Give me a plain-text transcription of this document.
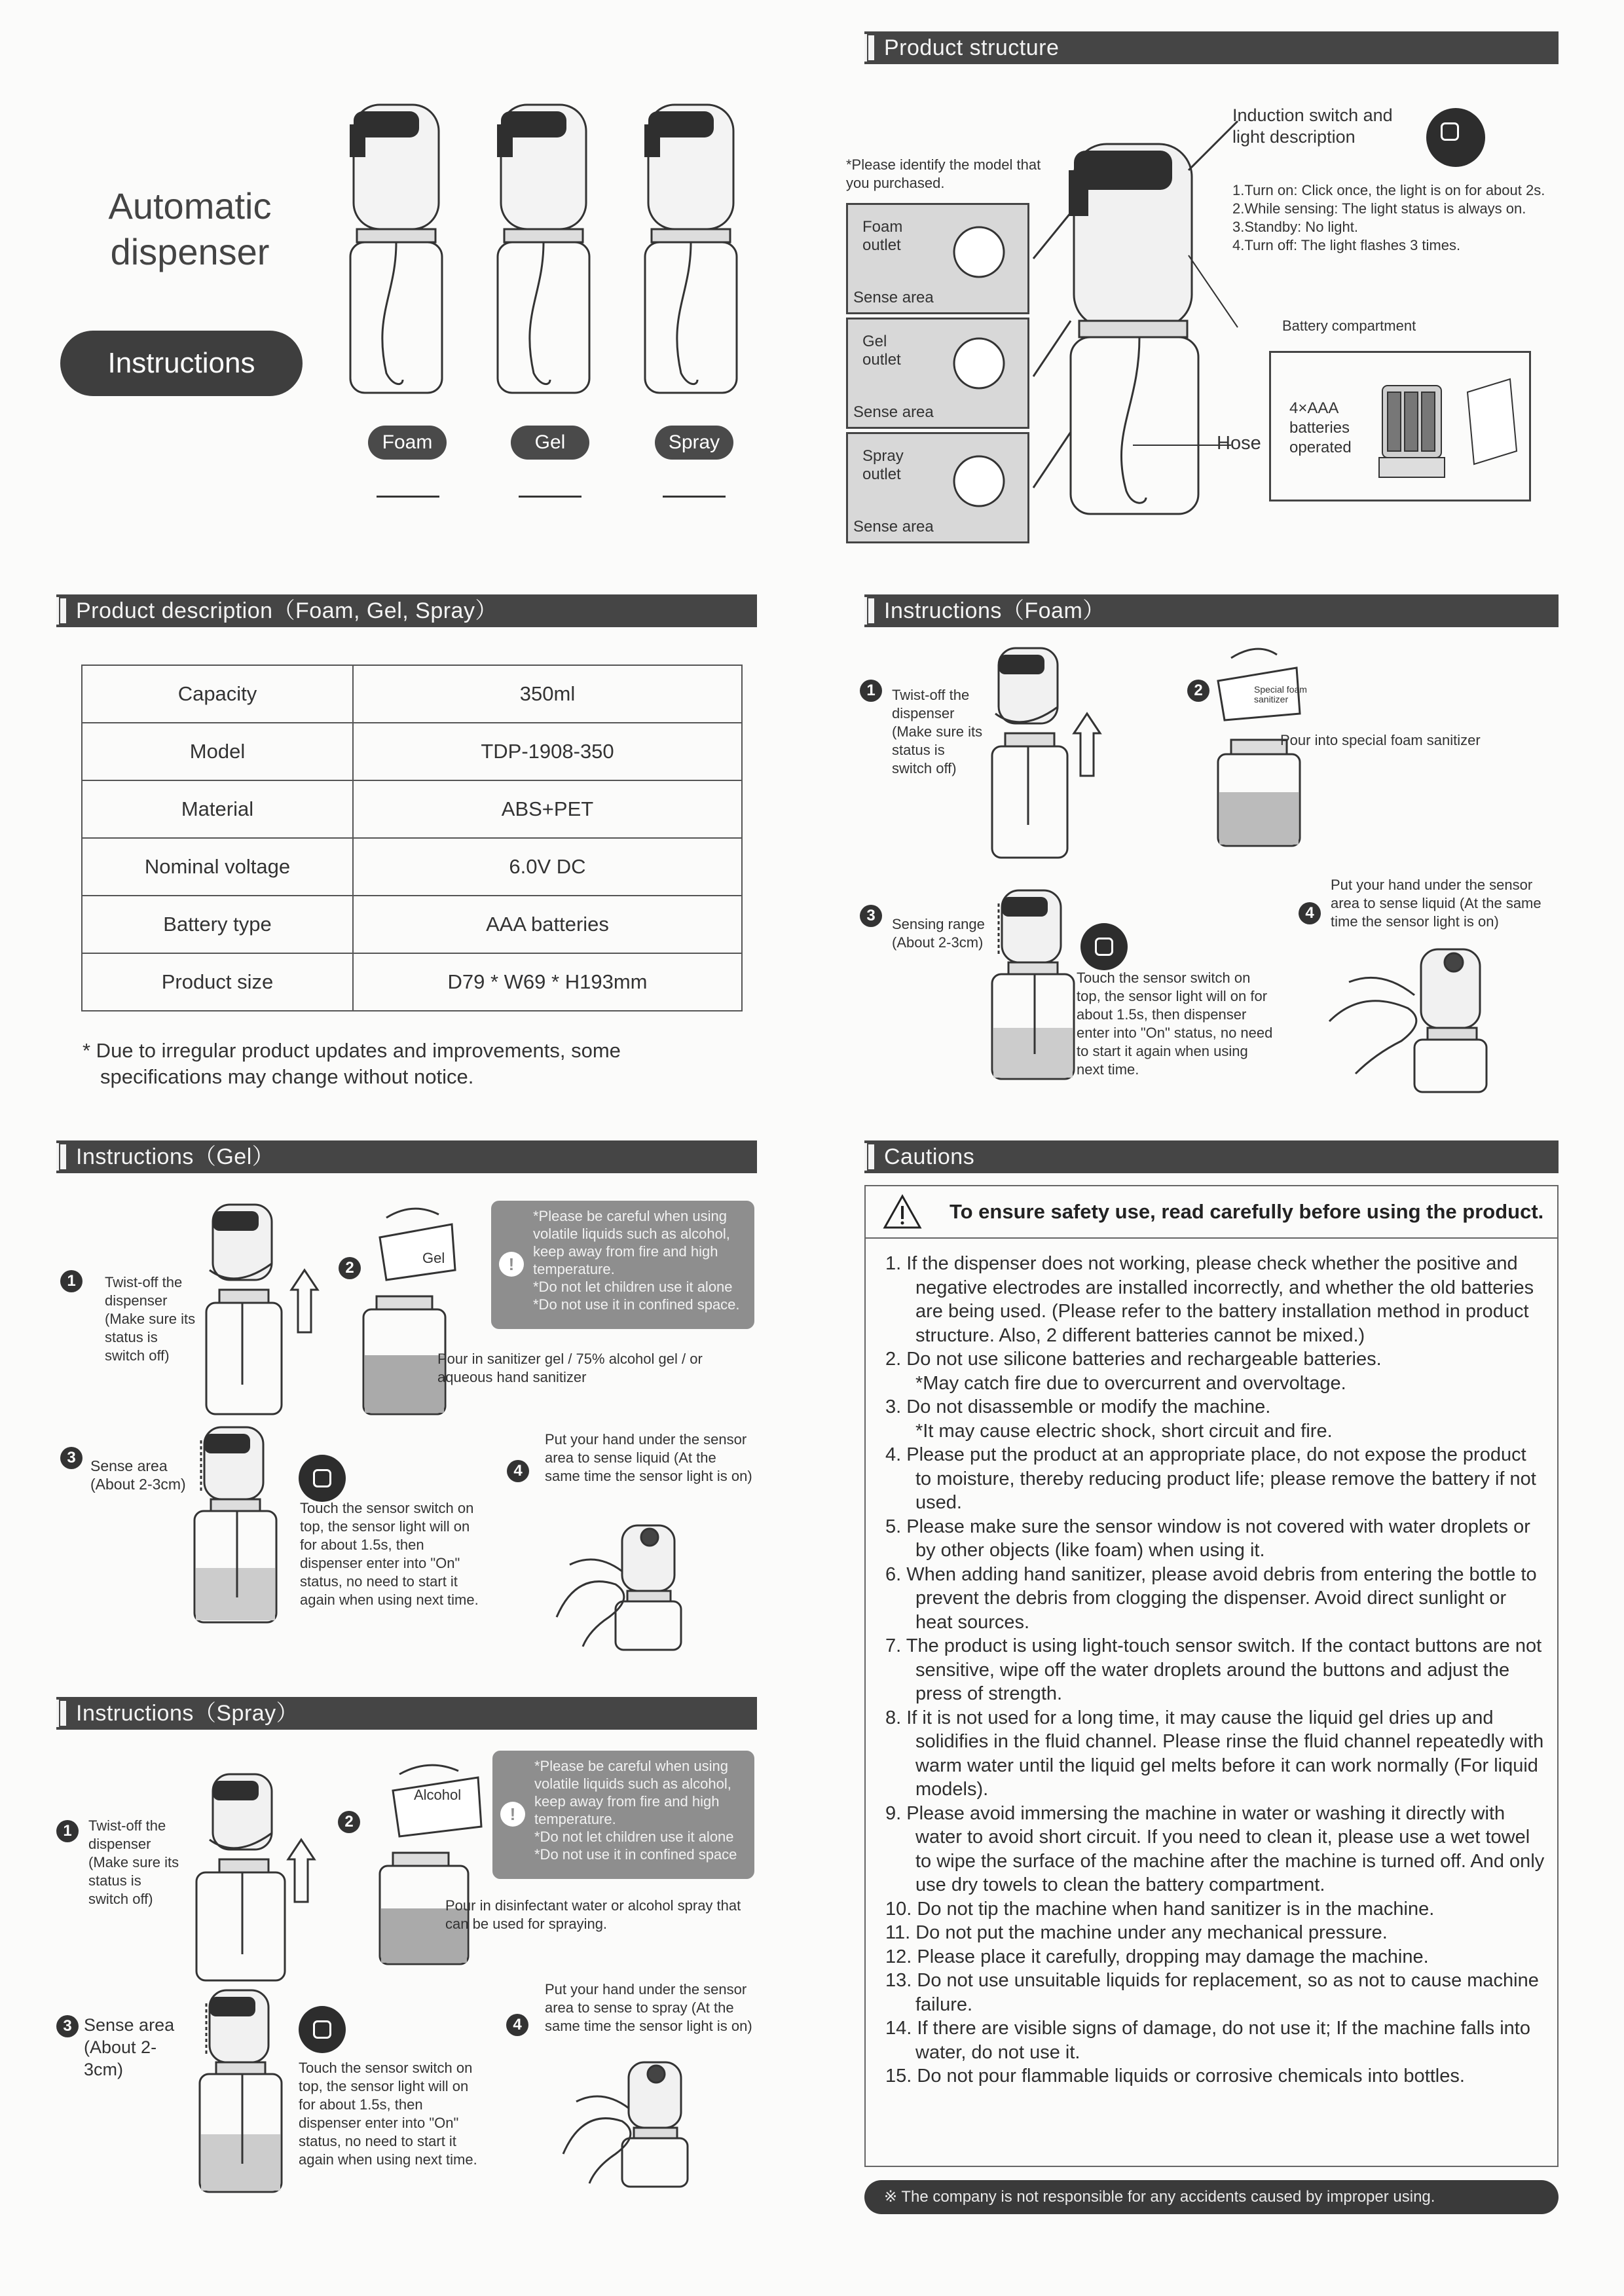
Automatic
dispenser
Instructions
Foam	Gel	Spray
Product structure
*Please identify the model that you purchased.
Foam outlet
Sense area
Gel outlet
Sense area
Spray outlet
Sense area
Induction switch and light description
1.Turn on: Click once, the light is on for about 2s.
2.While sensing: The light status is always on.
3.Standby: No light.
4.Turn off: The light flashes 3 times.
Battery compartment
4×AAA batteries operated
Hose
Product description（Foam, Gel, Spray）
Capacity	350ml
Model	TDP-1908-350
Material	ABS+PET
Nominal voltage	6.0V DC
Battery type	AAA batteries
Product size	D79 * W69 * H193mm
* Due to irregular product updates and improvements, some
specifications may change without notice.
Instructions（Foam）
1	Twist-off the dispenser (Make sure its status is switch off)
2	Special foam sanitizer
Pour into special foam sanitizer
3	Sensing range (About 2-3cm)
Touch the sensor switch on top, the sensor light will on for about 1.5s, then dispenser enter into "On" status, no need to start it again when using next time.
Put your hand under the sensor area to sense liquid (At the same time the sensor light is on)
4
Instructions（Gel）
1	Twist-off the dispenser (Make sure its status is switch off)
2
Gel	!
*Please be careful when using volatile liquids such as alcohol, keep away from fire and high temperature.
*Do not let children use it alone
*Do not use it in confined space.
Pour in sanitizer gel / 75% alcohol gel / or aqueous hand sanitizer
3 Sense area (About 2-3cm)
Touch the sensor switch on top, the sensor light will on for about 1.5s, then dispenser enter into "On" status, no need to start it again when using next time.
4
Put your hand under the sensor area to sense liquid (At the same time the sensor light is on)
Instructions（Spray）
1	Twist-off the dispenser (Make sure its status is switch off)
2
Alcohol
!
*Please be careful when using volatile liquids such as alcohol, keep away from fire and high temperature.
*Do not let children use it alone
*Do not use it in confined space
Pour in disinfectant water or alcohol spray that can be used for spraying.
3 Sense area (About 2-3cm)	Touch the sensor switch on top, the sensor light will on for about 1.5s, then dispenser enter into "On" status, no need to start it again when using next time.
4
Put your hand under the sensor area to sense to spray (At the same time the sensor light is on)
Cautions
To ensure safety use, read carefully before using the product.
1. If the dispenser does not working, please check whether the positive and negative electrodes are installed incorrectly, and whether the old batteries are being used. (Please refer to the battery installation method in product structure. Also, 2 different batteries cannot be mixed.)
2. Do not use silicone batteries and rechargeable batteries.
*May catch fire due to overcurrent and overvoltage.
3. Do not disassemble or modify the machine.
*It may cause electric shock, short circuit and fire.
4. Please put the product at an appropriate place, do not expose the product to moisture, thereby reducing product life; please remove the battery if not used.
5. Please make sure the sensor window is not covered with water droplets or by other objects (like foam) when using it.
6. When adding hand sanitizer, please avoid debris from entering the bottle to prevent the debris from clogging the dispenser. Avoid direct sunlight or heat sources.
7. The product is using light-touch sensor switch. If the contact buttons are not sensitive, wipe off the water droplets around the buttons and adjust the press of strength.
8. If it is not used for a long time, it may cause the liquid gel dries up and solidifies in the fluid channel. Please rinse the fluid channel repeatedly with warm water until the liquid gel melts before it can work normally (For liquid models).
9. Please avoid immersing the machine in water or washing it directly with water to avoid short circuit. If you need to clean it, please use a wet towel to wipe the surface of the machine after the machine is turned off. And only use dry towels to clean the battery compartment.
10. Do not tip the machine when hand sanitizer is in the machine.
11. Do not put the machine under any mechanical pressure.
12. Please place it carefully, dropping may damage the machine.
13. Do not use unsuitable liquids for replacement, so as not to cause machine failure.
14. If there are visible signs of damage, do not use it; If the machine falls into water, do not use it.
15. Do not pour flammable liquids or corrosive chemicals into bottles.
※ The company is not responsible for any accidents caused by improper using.
